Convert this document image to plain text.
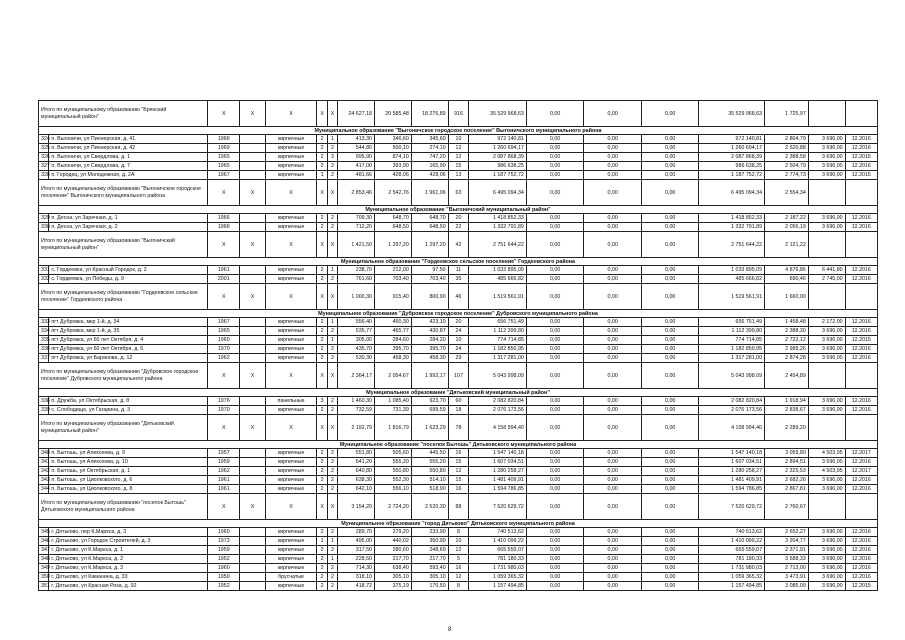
Итого по муниципальному образованию "Брянский муниципальный район"		X	X	X	X	X	24 627,18	20 585,48	18 276,89	916	35 529 968,63	0,00	0,00	0,00	35 529 968,63	1 725,97		
Муниципальное образование "Выгоничское городское поселение" Выгоничского муниципального района																		
324	п. Выгоничи, ул Пионерская, д. 41	1966		кирпичные	2	1	413,30	346,60	345,60	10	972 140,81	0,00	0,00	0,00	972 140,81	2 804,79	3 696,00	12.2016
325	п. Выгоничи, ул Пионерская, д. 42	1969		кирпичные	2	2	544,80	500,10	274,10	12	1 260 694,17	0,00	0,00	0,00	1 260 694,17	2 520,88	3 696,00	12.2016
326	п. Выгоничи, ул Свердлова, д. 1	1965		кирпичные	2	3	995,90	874,10	747,20	12	2 087 868,39	0,00	0,00	0,00	2 087 868,39	2 388,58	3 696,00	12.2015
327	п. Выгоничи, ул Свердлова, д. 7	1965		кирпичные	2	2	417,00	393,90	165,90	15	986 638,25	0,00	0,00	0,00	986 638,25	2 504,79	3 696,00	12.2016
328	п. Городец, ул Молодежная, д. 2А	1967		кирпичные	1	2	481,66	428,06	428,06	13	1 187 752,72	0,00	0,00	0,00	1 187 752,72	2 774,73	3 696,00	12.2015
Итого по муниципальному образованию "Выгоничское городское поселение" Выгоничского муниципального района		X	X	X	X	X	2 853,46	2 542,76	1 961,06	63	6 495 094,34	0,00	0,00	0,00	6 495 094,34	2 554,34		
Муниципальное образование "Выгоничский муниципальный район"																		
329	п. Десна, ул Заречная, д. 1	1966		кирпичные	2	2	709,30	648,70	648,70	20	1 418 852,33	0,00	0,00	0,00	1 418 852,33	2 187,22	3 696,00	12.2016
330	п. Десна, ул Заречная, д. 2	1966		кирпичные	2	2	712,20	648,50	648,50	22	1 332 791,89	0,00	0,00	0,00	1 332 791,89	2 056,19	3 696,00	12.2016
Итого по муниципальному образованию "Выгоничский муниципальный район"		X	X	X	X	X	1 421,50	1 297,20	1 297,20	42	2 751 644,22	0,00	0,00	0,00	2 751 644,22	2 121,22		
Муниципальное образование "Гордеевское сельское поселение" Гордеевского района																		
331	с. Гордеевка, ул Красный Городок, д. 2	1961		кирпичные	2	1	238,70	212,00	97,50	11	1 033 895,09	0,00	0,00	0,00	1 033 895,09	4 876,86	6 441,80	12.2016
332	с. Гордеевка, ул Победы, д. 9	2001		кирпичные	2	2	761,60	703,40	703,40	35	485 666,82	0,00	0,00	0,00	485 666,82	690,46	2 745,00	12.2016
Итого по муниципальному образованию "Гордеевское сельское поселение" Гордеевского района		X	X	X	X	X	1 000,30	915,40	800,90	46	1 519 561,91	0,00	0,00	0,00	1 519 561,91	1 660,00		
Муниципальное образование "Дубровское городское поселение" Дубровского муниципального района																		
333	пгт Дубровка, мкр 1-й, д. 34	1967		кирпичные	2	1	556,40	450,30	423,10	20	656 751,49	0,00	0,00	0,00	656 751,49	1 458,48	2 172,00	12.2016
334	пгт Дубровка, мкр 1-й, д. 35	1965		кирпичные	2	2	535,77	465,77	430,87	24	1 112 399,80	0,00	0,00	0,00	1 112 399,80	2 388,30	3 696,00	12.2016
335	пгт Дубровка, ул 60 лет Октября, д. 4	1960		кирпичные	2	1	305,00	284,60	284,20	10	774 714,85	0,00	0,00	0,00	774 714,85	2 722,12	3 696,00	12.2015
336	пгт Дубровка, ул 60 лет Октября, д. 6	1970		кирпичные	2	2	435,70	395,70	395,70	24	1 182 850,95	0,00	0,00	0,00	1 182 850,95	2 989,26	3 696,00	12.2016
337	пгт Дубровка, ул Баранова, д. 12	1962		кирпичные	2	2	530,30	458,30	458,30	29	1 317 281,00	0,00	0,00	0,00	1 317 281,00	2 874,28	3 696,00	12.2016
Итого по муниципальному образованию "Дубровское городское поселение" Дубровского муниципального района		X	X	X	X	X	2 364,17	2 054,67	1 992,17	107	5 043 998,09	0,00	0,00	0,00	5 043 998,09	2 454,89		
Муниципальное образование "Дятьковский муниципальный район"																		
338	п. Дружба, ул Октябрьская, д. 8	1976		панельные	3	2	1 460,30	1 085,40	923,70	60	2 082 820,84	0,00	0,00	0,00	2 082 820,84	1 918,94	3 696,00	12.2016
339	с. Слободище, ул Гагарина, д. 3	1970		кирпичные	2	2	732,59	731,39	699,59	18	2 076 173,56	0,00	0,00	0,00	2 076 173,56	2 838,67	3 696,00	12.2016
Итого по муниципальному образованию "Дятьковский муниципальный район"		X	X	X	X	X	2 192,79	1 816,79	1 623,29	78	4 158 994,40	0,00	0,00	0,00	4 158 994,40	2 289,20		
Муниципальное образование "поселок Бытошь" Дятьковского муниципального района																		
340	п. Бытошь, ул Алексеева, д. 9	1957		кирпичные	2	2	551,80	505,60	445,50	16	1 547 140,18	0,00	0,00	0,00	1 547 140,18	3 059,80	4 503,95	12.2017
341	п. Бытошь, ул Алексеева, д. 10	1959		кирпичные	2	2	641,20	555,20	555,20	15	1 607 034,51	0,00	0,00	0,00	1 607 034,51	2 894,51	3 696,00	12.2016
342	п. Бытошь, ул Октябрьская, д. 1	1962		кирпичные	2	2	640,80	550,80	550,80	12	1 280 258,27	0,00	0,00	0,00	1 280 258,27	2 325,53	4 503,95	12.2017
343	п. Бытошь, ул Циолковского, д. 6	1961		кирпичные	2	2	638,30	552,30	514,10	15	1 481 409,91	0,00	0,00	0,00	1 481 409,91	2 682,26	3 696,00	12.2016
344	п. Бытошь, ул Циолковского, д. 8	1961		кирпичные	2	2	642,10	556,10	518,90	16	1 594 786,85	0,00	0,00	0,00	1 594 786,85	2 867,81	3 696,00	12.2016
Итого по муниципальному образованию "поселок Бытошь" Дятьковского муниципального района		X	X	X	X	X	3 154,20	2 724,20	2 520,30	88	7 520 629,72	0,00	0,00	0,00	7 520 629,72	2 760,67		
Муниципальное образование "город Дятьково" Дятьковского муниципального района																		
345	г. Дятьково, пер К.Маркса, д. 3	1960		кирпичные	2	2	289,70	279,20	233,90	8	740 513,62	0,00	0,00	0,00	740 513,62	2 652,27	3 696,00	12.2016
346	г. Дятьково, ул Городок Строителей, д. 3	1973		кирпичные	1	1	495,00	440,02	350,90	10	1 410 099,22	0,00	0,00	0,00	1 410 099,22	3 204,77	3 696,00	12.2016
347	г. Дятьково, ул К.Маркса, д. 1	1959		кирпичные	2	2	317,50	280,60	248,60	12	665 559,07	0,00	0,00	0,00	665 559,07	2 371,91	3 696,00	12.2016
348	г. Дятьково, ул К.Маркса, д. 2	1952		кирпичные	2	1	228,50	217,70	217,70	5	781 180,33	0,00	0,00	0,00	781 180,33	3 588,33	3 696,00	12.2016
349	г. Дятьково, ул К.Маркса, д. 3	1960		кирпичные	2	2	714,30	638,40	593,40	16	1 731 980,03	0,00	0,00	0,00	1 731 980,03	2 713,00	3 696,00	12.2016
350	г. Дятьково, ул Каманина, д. 33	1950		брусчатые	2	2	318,10	305,10	305,10	12	1 059 365,32	0,00	0,00	0,00	1 059 365,32	3 473,91	3 696,00	12.2016
351	г. Дятьково, ул Красная Роза, д. 92	1952		кирпичные	2	2	418,72	375,19	170,50	8	1 157 494,85	0,00	0,00	0,00	1 157 494,85	3 085,09	3 696,00	12.2015
8
